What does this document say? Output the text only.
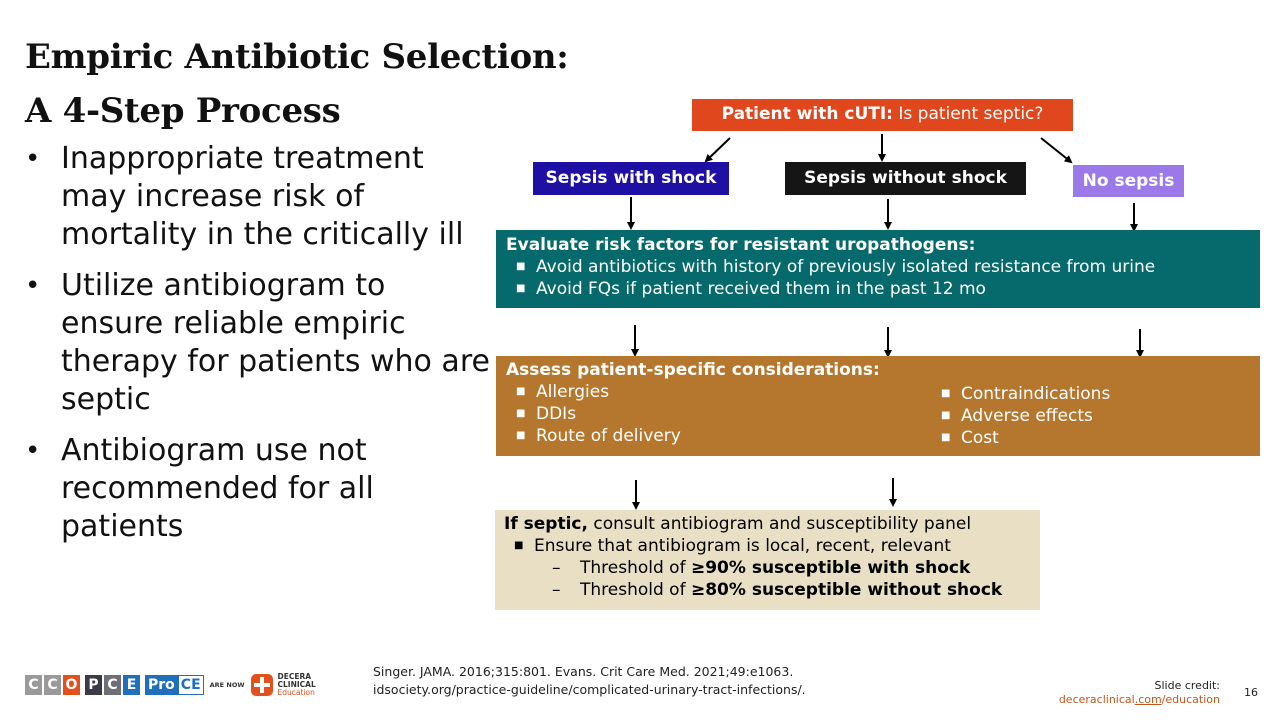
Empiric Antibiotic Selection:
A 4-Step Process
• Inappropriate treatment may increase risk of mortality in the critically ill
• Utilize antibiogram to ensure reliable empiric therapy for patients who are septic
• Antibiogram use not recommended for all patients
Patient with cUTI: Is patient septic?
Sepsis with shock	Sepsis without shock	No sepsis
Evaluate risk factors for resistant uropathogens:
■ Avoid antibiotics with history of previously isolated resistance from urine
■ Avoid FQs if patient received them in the past 12 mo
Assess patient-specific considerations:
■ Allergies
■ DDIs
■ Route of delivery
■ Contraindications
■ Adverse effects
■ Cost
If septic, consult antibiogram and susceptibility panel
■ Ensure that antibiogram is local, recent, relevant
– Threshold of ≥90% susceptible with shock
– Threshold of ≥80% susceptible without shock
C C O P C E Pro CE	ARE NOW
DECERA
CLINICAL
Education
Singer. JAMA. 2016;315:801. Evans. Crit Care Med. 2021;49:e1063.
idsociety.org/practice-guideline/complicated-urinary-tract-infections/.	Slide credit:
deceraclinical.com/education
16
